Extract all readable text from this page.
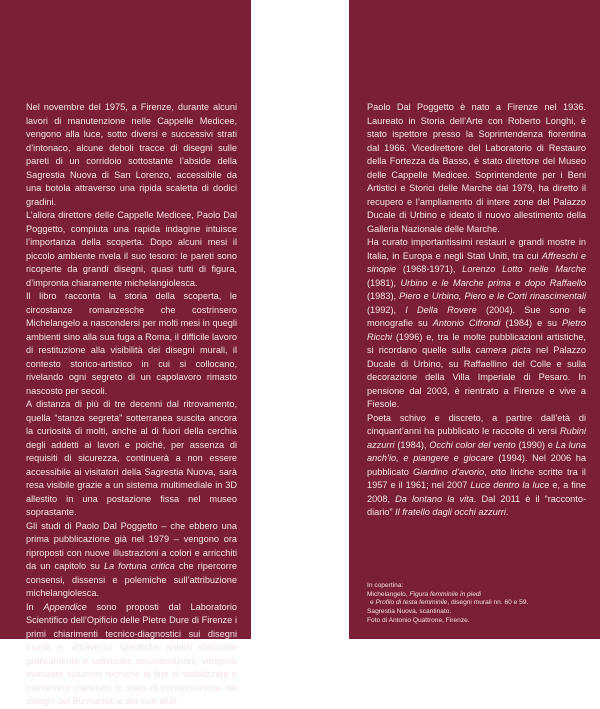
Nel novembre del 1975, a Firenze, durante alcuni lavori di manutenzione nelle Cappelle Medicee, vengono alla luce, sotto diversi e successivi strati d’intonaco, alcune deboli tracce di disegni sulle pareti di un corridoio sottostante l’abside della Sagrestia Nuova di San Lorenzo, accessibile da una botola attraverso una ripida scaletta di dodici gradini.

L’allora direttore delle Cappelle Medicee, Paolo Dal Poggetto, compiuta una rapida indagine intuisce l’importanza della scoperta. Dopo alcuni mesi il piccolo ambiente rivela il suo tesoro: le pareti sono ricoperte da grandi disegni, quasi tutti di figura, d’impronta chiaramente michelangiolesca.

Il libro racconta la storia della scoperta, le circostanze romanzesche che costrinsero Michelangelo a nascondersi per molti mesi in quegli ambienti sino alla sua fuga a Roma, il difficile lavoro di restituzione alla visibilità dei disegni murali, il contesto storico-artistico in cui si collocano, rivelando ogni segreto di un capolavoro rimasto nascosto per secoli.

A distanza di più di tre decenni dal ritrovamento, quella “stanza segreta” sotterranea suscita ancora la curiosità di molti, anche al di fuori della cerchia degli addetti ai lavori e poiché, per assenza di requisiti di sicurezza, continuerà a non essere accessibile ai visitatori della Sagrestia Nuova, sarà resa visibile grazie a un sistema multimediale in 3D allestito in una postazione fissa nel museo soprastante.

Gli studi di Paolo Dal Poggetto – che ebbero una prima pubblicazione già nel 1979 – vengono ora riproposti con nuove illustrazioni a colori e arricchiti da un capitolo su La fortuna critica che ripercorre consensi, dissensi e polemiche sull’attribuzione michelangiolesca.

In Appendice sono proposti dal Laboratorio Scientifico dell’Opificio delle Pietre Dure di Firenze i primi chiarimenti tecnico-diagnostici sui disegni murali e, attraverso specifiche analisi elaborate graficamente e sofisticate strumentazioni, vengono avanzate soluzioni tecniche al fine di stabilizzare e mantenere inalterato lo stato di conservazione dei disegni del Buonarroti e dei suoi aiuti.

Paolo Dal Poggetto è nato a Firenze nel 1936. Laureato in Storia dell’Arte con Roberto Longhi, è stato ispettore presso la Soprintendenza fiorentina dal 1966. Vicedirettore del Laboratorio di Restauro della Fortezza da Basso, è stato direttore del Museo delle Cappelle Medicee. Soprintendente per i Beni Artistici e Storici delle Marche dal 1979, ha diretto il recupero e l’ampliamento di intere zone del Palazzo Ducale di Urbino e ideato il nuovo allestimento della Galleria Nazionale delle Marche.

Ha curato importantissimi restauri e grandi mostre in Italia, in Europa e negli Stati Uniti, tra cui Affreschi e sinopie (1968-1971), Lorenzo Lotto nelle Marche (1981), Urbino e le Marche prima e dopo Raffaello (1983), Piero e Urbino, Piero e le Corti rinascimentali (1992), I Della Rovere (2004). Sue sono le monografie su Antonio Cifrondi (1984) e su Pietro Ricchi (1996) e, tra le molte pubblicazioni artistiche, si ricordano quelle sulla camera picta nel Palazzo Ducale di Urbino, su Raffaellino del Colle e sulla decorazione della Villa Imperiale di Pesaro. In pensione dal 2003, è rientrato a Firenze e vive a Fiesole.

Poeta schivo e discreto, a partire dall’età di cinquant’anni ha pubblicato le raccolte di versi Rubini azzurri (1984), Occhi color del vento (1990) e La luna anch’io, e piangere e giocare (1994). Nel 2006 ha pubblicato Giardino d’avorio, otto liriche scritte tra il 1957 e il 1961; nel 2007 Luce dentro la luce e, a fine 2008, Da lontano la vita. Dal 2011 è il “racconto-diario” Il fratello dagli occhi azzurri.

In copertina:
Michelangelo, Figura femminile in piedi
e Profilo di testa femminile, disegni murali nn. 60 e 59.
Sagrestia Nuova, scantinato.
Foto di Antonio Quattrone, Firenze.
